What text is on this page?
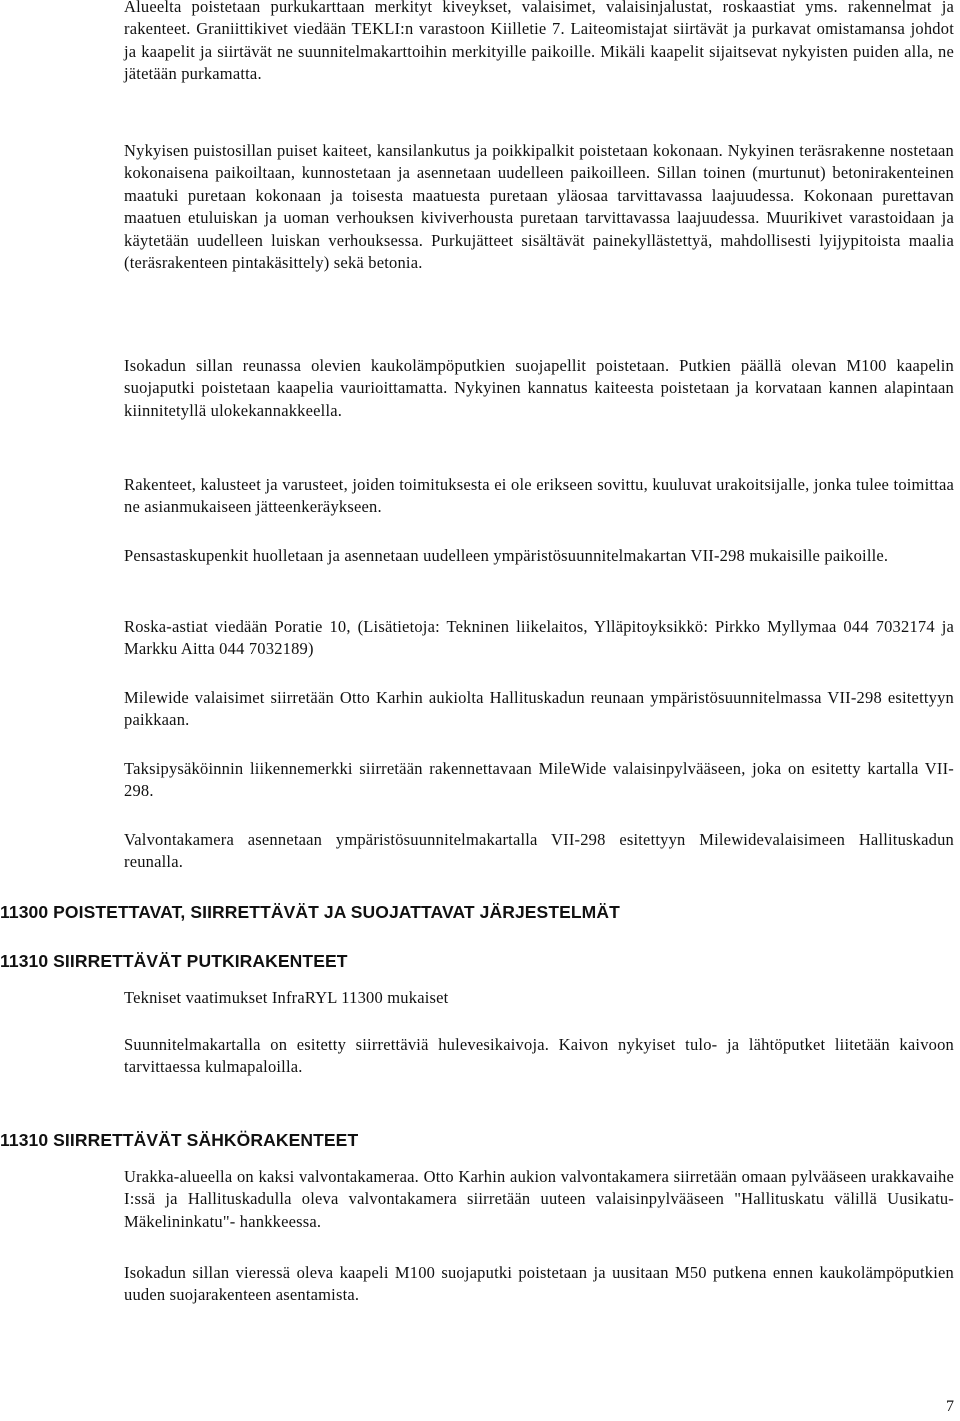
Alueelta poistetaan purkukarttaan merkityt kiveykset, valaisimet, valaisinjalustat, roskaastiat yms. rakennelmat ja rakenteet. Graniittikivet viedään TEKLI:n varastoon Kiilletie 7. Laiteomistajat siirtävät ja purkavat omistamansa johdot ja kaapelit ja siirtävät ne suunnitelmakarttoihin merkityille paikoille. Mikäli kaapelit sijaitsevat nykyisten puiden alla, ne jätetään purkamatta.

Nykyisen puistosillan puiset kaiteet, kansilankutus ja poikkipalkit poistetaan kokonaan. Nykyinen teräsrakenne nostetaan kokonaisena paikoiltaan, kunnostetaan ja asennetaan uudelleen paikoilleen. Sillan toinen (murtunut) betonirakenteinen maatuki puretaan kokonaan ja toisesta maatuesta puretaan yläosaa tarvittavassa laajuudessa. Kokonaan purettavan maatuen etuluiskan ja uoman verhouksen kiviverhousta puretaan tarvittavassa laajuudessa. Muurikivet varastoidaan ja käytetään uudelleen luiskan verhouksessa. Purkujätteet sisältävät painekyllästettyä, mahdollisesti lyijypitoista maalia (teräsrakenteen pintakäsittely) sekä betonia.

Isokadun sillan reunassa olevien kaukolämpöputkien suojapellit poistetaan. Putkien päällä olevan M100 kaapelin suojaputki poistetaan kaapelia vaurioittamatta. Nykyinen kannatus kaiteesta poistetaan ja korvataan kannen alapintaan kiinnitetyllä ulokekannakkeella.

Rakenteet, kalusteet ja varusteet, joiden toimituksesta ei ole erikseen sovittu, kuuluvat urakoitsijalle, jonka tulee toimittaa ne asianmukaiseen jätteenkeräykseen.

Pensastaskupenkit huolletaan ja asennetaan uudelleen ympäristösuunnitelmakartan VII-298 mukaisille paikoille.

Roska-astiat viedään Poratie 10, (Lisätietoja: Tekninen liikelaitos, Ylläpitoyksikkö: Pirkko Myllymaa 044 7032174 ja Markku Aitta 044 7032189)

Milewide valaisimet siirretään Otto Karhin aukiolta Hallituskadun reunaan ympäristösuunnitelmassa VII-298 esitettyyn paikkaan.

Taksipysäköinnin liikennemerkki siirretään rakennettavaan MileWide valaisinpylvääseen, joka on esitetty kartalla VII-298.

Valvontakamera asennetaan ympäristösuunnitelmakartalla VII-298 esitettyyn Milewidevalaisimeen Hallituskadun reunalla.

11300 POISTETTAVAT, SIIRRETTÄVÄT JA SUOJATTAVAT JÄRJESTELMÄT
11310 SIIRRETTÄVÄT PUTKIRAKENTEET

Tekniset vaatimukset InfraRYL 11300 mukaiset

Suunnitelmakartalla on esitetty siirrettäviä hulevesikaivoja. Kaivon nykyiset tulo- ja lähtöputket liitetään kaivoon tarvittaessa kulmapaloilla.

11310 SIIRRETTÄVÄT SÄHKÖRAKENTEET

Urakka-alueella on kaksi valvontakameraa. Otto Karhin aukion valvontakamera siirretään omaan pylvääseen urakkavaihe I:ssä ja Hallituskadulla oleva valvontakamera siirretään uuteen valaisinpylvääseen "Hallituskatu välillä Uusikatu-Mäkelininkatu"- hankkeessa.

Isokadun sillan vieressä oleva kaapeli M100 suojaputki poistetaan ja uusitaan M50 putkena ennen kaukolämpöputkien uuden suojarakenteen asentamista.

7
